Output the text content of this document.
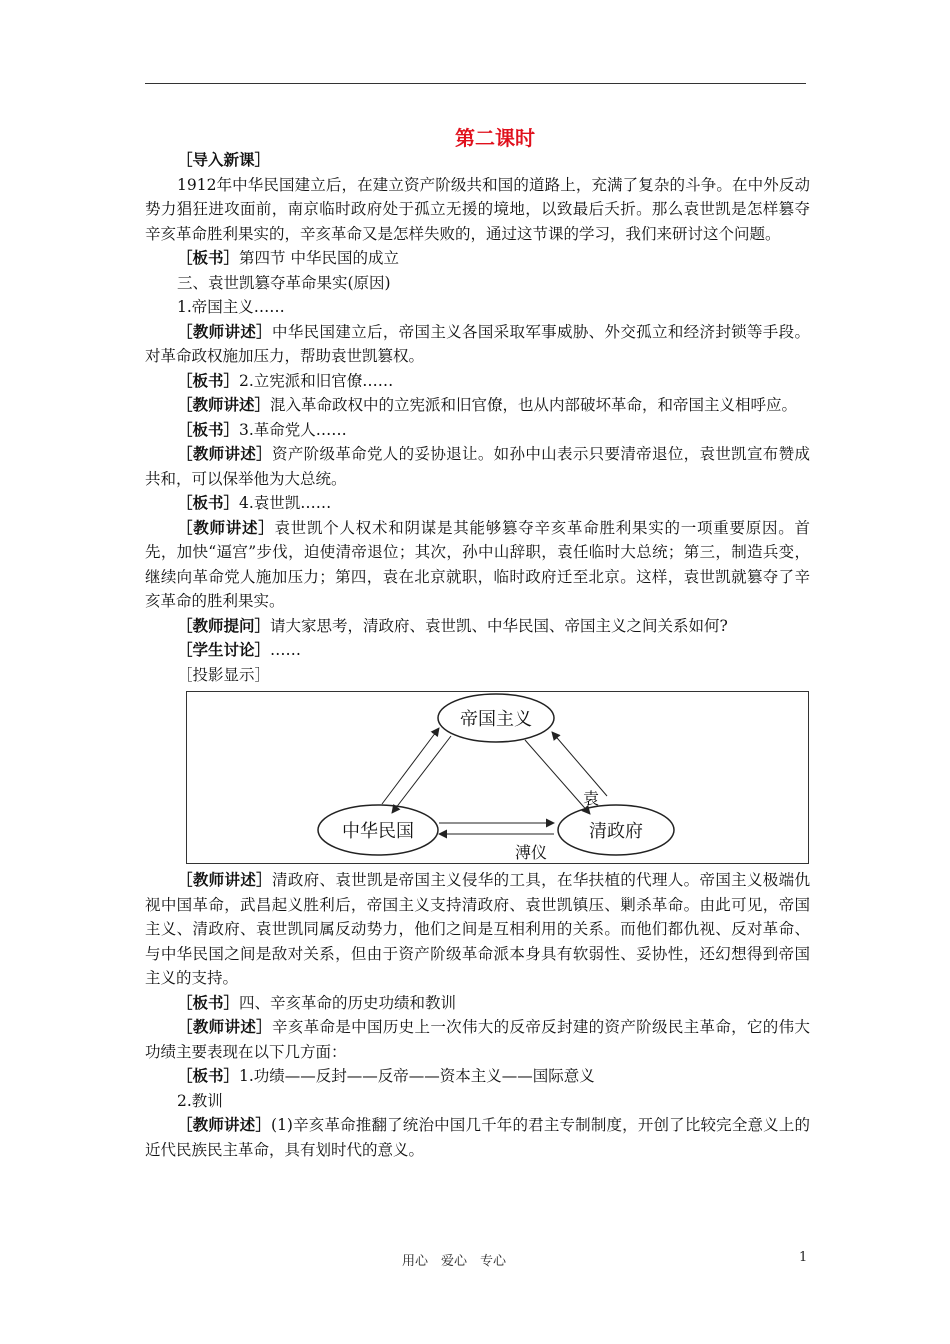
第二课时

［导入新课］

1912年中华民国建立后，在建立资产阶级共和国的道路上，充满了复杂的斗争。在中外反动势力猖狂进攻面前，南京临时政府处于孤立无援的境地，以致最后夭折。那么袁世凯是怎样篡夺辛亥革命胜利果实的，辛亥革命又是怎样失败的，通过这节课的学习，我们来研讨这个问题。

［板书］第四节 中华民国的成立

三、袁世凯篡夺革命果实(原因)

1.帝国主义……

［教师讲述］中华民国建立后，帝国主义各国采取军事威胁、外交孤立和经济封锁等手段。对革命政权施加压力，帮助袁世凯篡权。

［板书］2.立宪派和旧官僚……

［教师讲述］混入革命政权中的立宪派和旧官僚，也从内部破坏革命，和帝国主义相呼应。

［板书］3.革命党人……

［教师讲述］资产阶级革命党人的妥协退让。如孙中山表示只要清帝退位，袁世凯宣布赞成共和，可以保举他为大总统。

［板书］4.袁世凯……

［教师讲述］袁世凯个人权术和阴谋是其能够篡夺辛亥革命胜利果实的一项重要原因。首先，加快“逼宫”步伐，迫使清帝退位；其次，孙中山辞职，袁任临时大总统；第三，制造兵变，继续向革命党人施加压力；第四，袁在北京就职，临时政府迁至北京。这样，袁世凯就篡夺了辛亥革命的胜利果实。

［教师提问］请大家思考，清政府、袁世凯、中华民国、帝国主义之间关系如何?

［学生讨论］……

［投影显示］

帝国主义
中华民国	清政府
袁
溥仪

［教师讲述］清政府、袁世凯是帝国主义侵华的工具，在华扶植的代理人。帝国主义极端仇视中国革命，武昌起义胜利后，帝国主义支持清政府、袁世凯镇压、剿杀革命。由此可见，帝国主义、清政府、袁世凯同属反动势力，他们之间是互相利用的关系。而他们都仇视、反对革命、与中华民国之间是敌对关系，但由于资产阶级革命派本身具有软弱性、妥协性，还幻想得到帝国主义的支持。

［板书］四、辛亥革命的历史功绩和教训

［教师讲述］辛亥革命是中国历史上一次伟大的反帝反封建的资产阶级民主革命，它的伟大功绩主要表现在以下几方面：

［板书］1.功绩——反封——反帝——资本主义——国际意义

2.教训

［教师讲述］(1)辛亥革命推翻了统治中国几千年的君主专制制度，开创了比较完全意义上的近代民族民主革命，具有划时代的意义。

用心　爱心　专心	1
